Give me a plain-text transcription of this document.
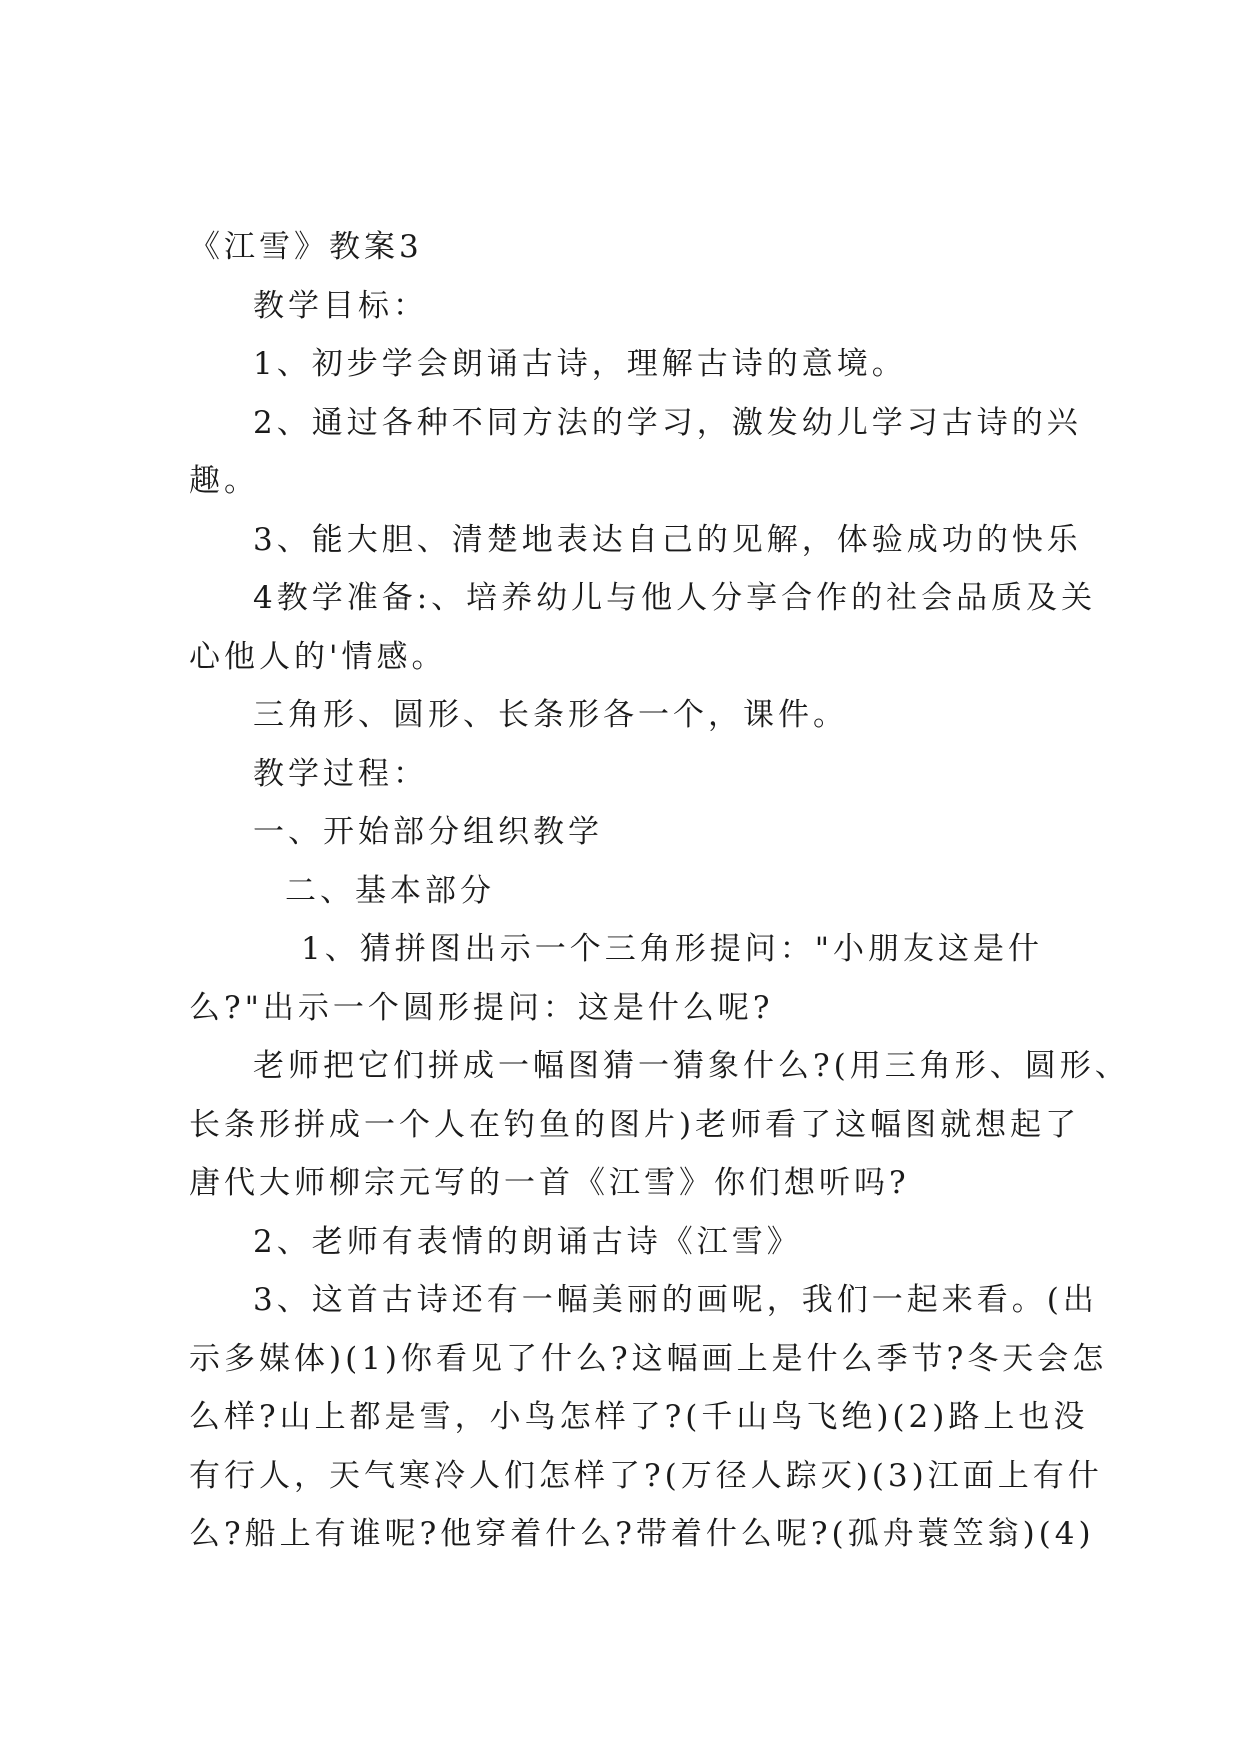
《江雪》教案3
教学目标：
1、初步学会朗诵古诗，理解古诗的意境。
2、通过各种不同方法的学习，激发幼儿学习古诗的兴
趣。
3、能大胆、清楚地表达自己的见解，体验成功的快乐
4教学准备:、培养幼儿与他人分享合作的社会品质及关
心他人的'情感。
三角形、圆形、长条形各一个，课件。
教学过程：
一、开始部分组织教学
二、基本部分
1、猜拼图出示一个三角形提问："小朋友这是什
么?"出示一个圆形提问：这是什么呢?
老师把它们拼成一幅图猜一猜象什么?(用三角形、圆形、
长条形拼成一个人在钓鱼的图片)老师看了这幅图就想起了
唐代大师柳宗元写的一首《江雪》你们想听吗?
2、老师有表情的朗诵古诗《江雪》
3、这首古诗还有一幅美丽的画呢，我们一起来看。(出
示多媒体)(1)你看见了什么?这幅画上是什么季节?冬天会怎
么样?山上都是雪，小鸟怎样了?(千山鸟飞绝)(2)路上也没
有行人，天气寒冷人们怎样了?(万径人踪灭)(3)江面上有什
么?船上有谁呢?他穿着什么?带着什么呢?(孤舟蓑笠翁)(4)
